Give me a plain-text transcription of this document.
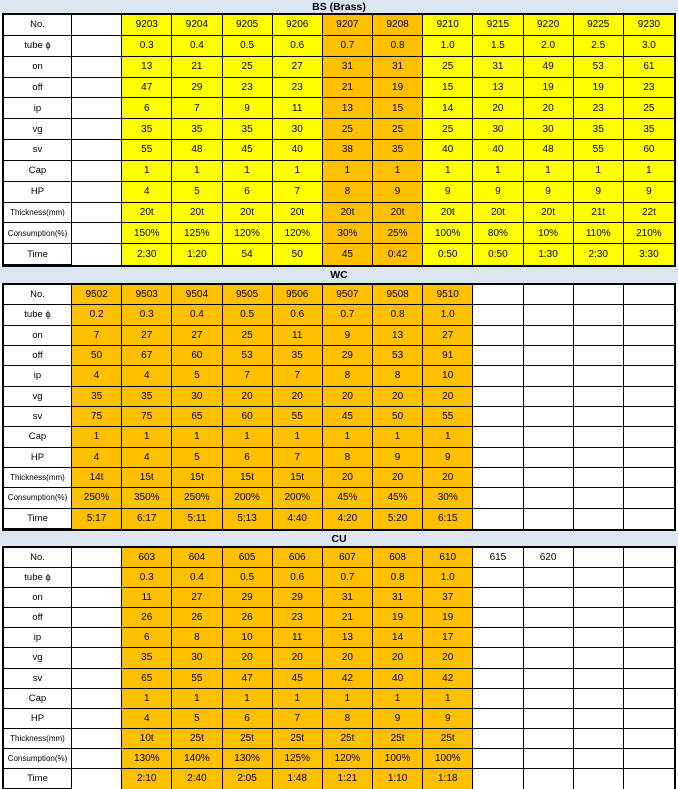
BS (Brass)
No.	9203	9204	9205	9206	9207	9208	9210	9215	9220	9225	9230
tube ϕ	0.3	0.4	0.5	0.6	0.7	0.8	1.0	1.5	2.0	2.5	3.0
on	13	21	25	27	31	31	25	31	49	53	61
off	47	29	23	23	21	19	15	13	19	19	23
ip	6	7	9	11	13	15	14	20	20	23	25
vg	35	35	35	30	25	25	25	30	30	35	35
sv	55	48	45	40	38	35	40	40	48	55	60
Cap	1	1	1	1	1	1	1	1	1	1	1
HP	4	5	6	7	8	9	9	9	9	9	9
Thickness(mm)	20t	20t	20t	20t	20t	20t	20t	20t	20t	21t	22t
Consumption(%)	150%	125%	120%	120%	30%	25%	100%	80%	10%	110%	210%
Time	2:30	1:20	54	50	45	0:42	0:50	0:50	1:30	2:30	3:30
WC
No.	9502	9503	9504	9505	9506	9507	9508	9510
tube ϕ	0.2	0.3	0.4	0.5	0.6	0.7	0.8	1.0
on	7	27	27	25	11	9	13	27
off	50	67	60	53	35	29	53	91
ip	4	4	5	7	7	8	8	10
vg	35	35	30	20	20	20	20	20
sv	75	75	65	60	55	45	50	55
Cap	1	1	1	1	1	1	1	1
HP	4	4	5	6	7	8	9	9
Thickness(mm)	14t	15t	15t	15t	15t	20	20	20
Consumption(%)	250%	350%	250%	200%	200%	45%	45%	30%
Time	5:17	6:17	5:11	5:13	4:40	4:20	5:20	6:15
CU
No.	603	604	605	606	607	608	610	615	620
tube ϕ	0.3	0.4	0.5	0.6	0.7	0.8	1.0
on	11	27	29	29	31	31	37
off	26	26	26	23	21	19	19
ip	6	8	10	11	13	14	17
vg	35	30	20	20	20	20	20
sv	65	55	47	45	42	40	42
Cap	1	1	1	1	1	1	1
HP	4	5	6	7	8	9	9
Thickness(mm)	10t	25t	25t	25t	25t	25t	25t
Consumption(%)	130%	140%	130%	125%	120%	100%	100%
Time	2:10	2:40	2:05	1:48	1:21	1:10	1:18
